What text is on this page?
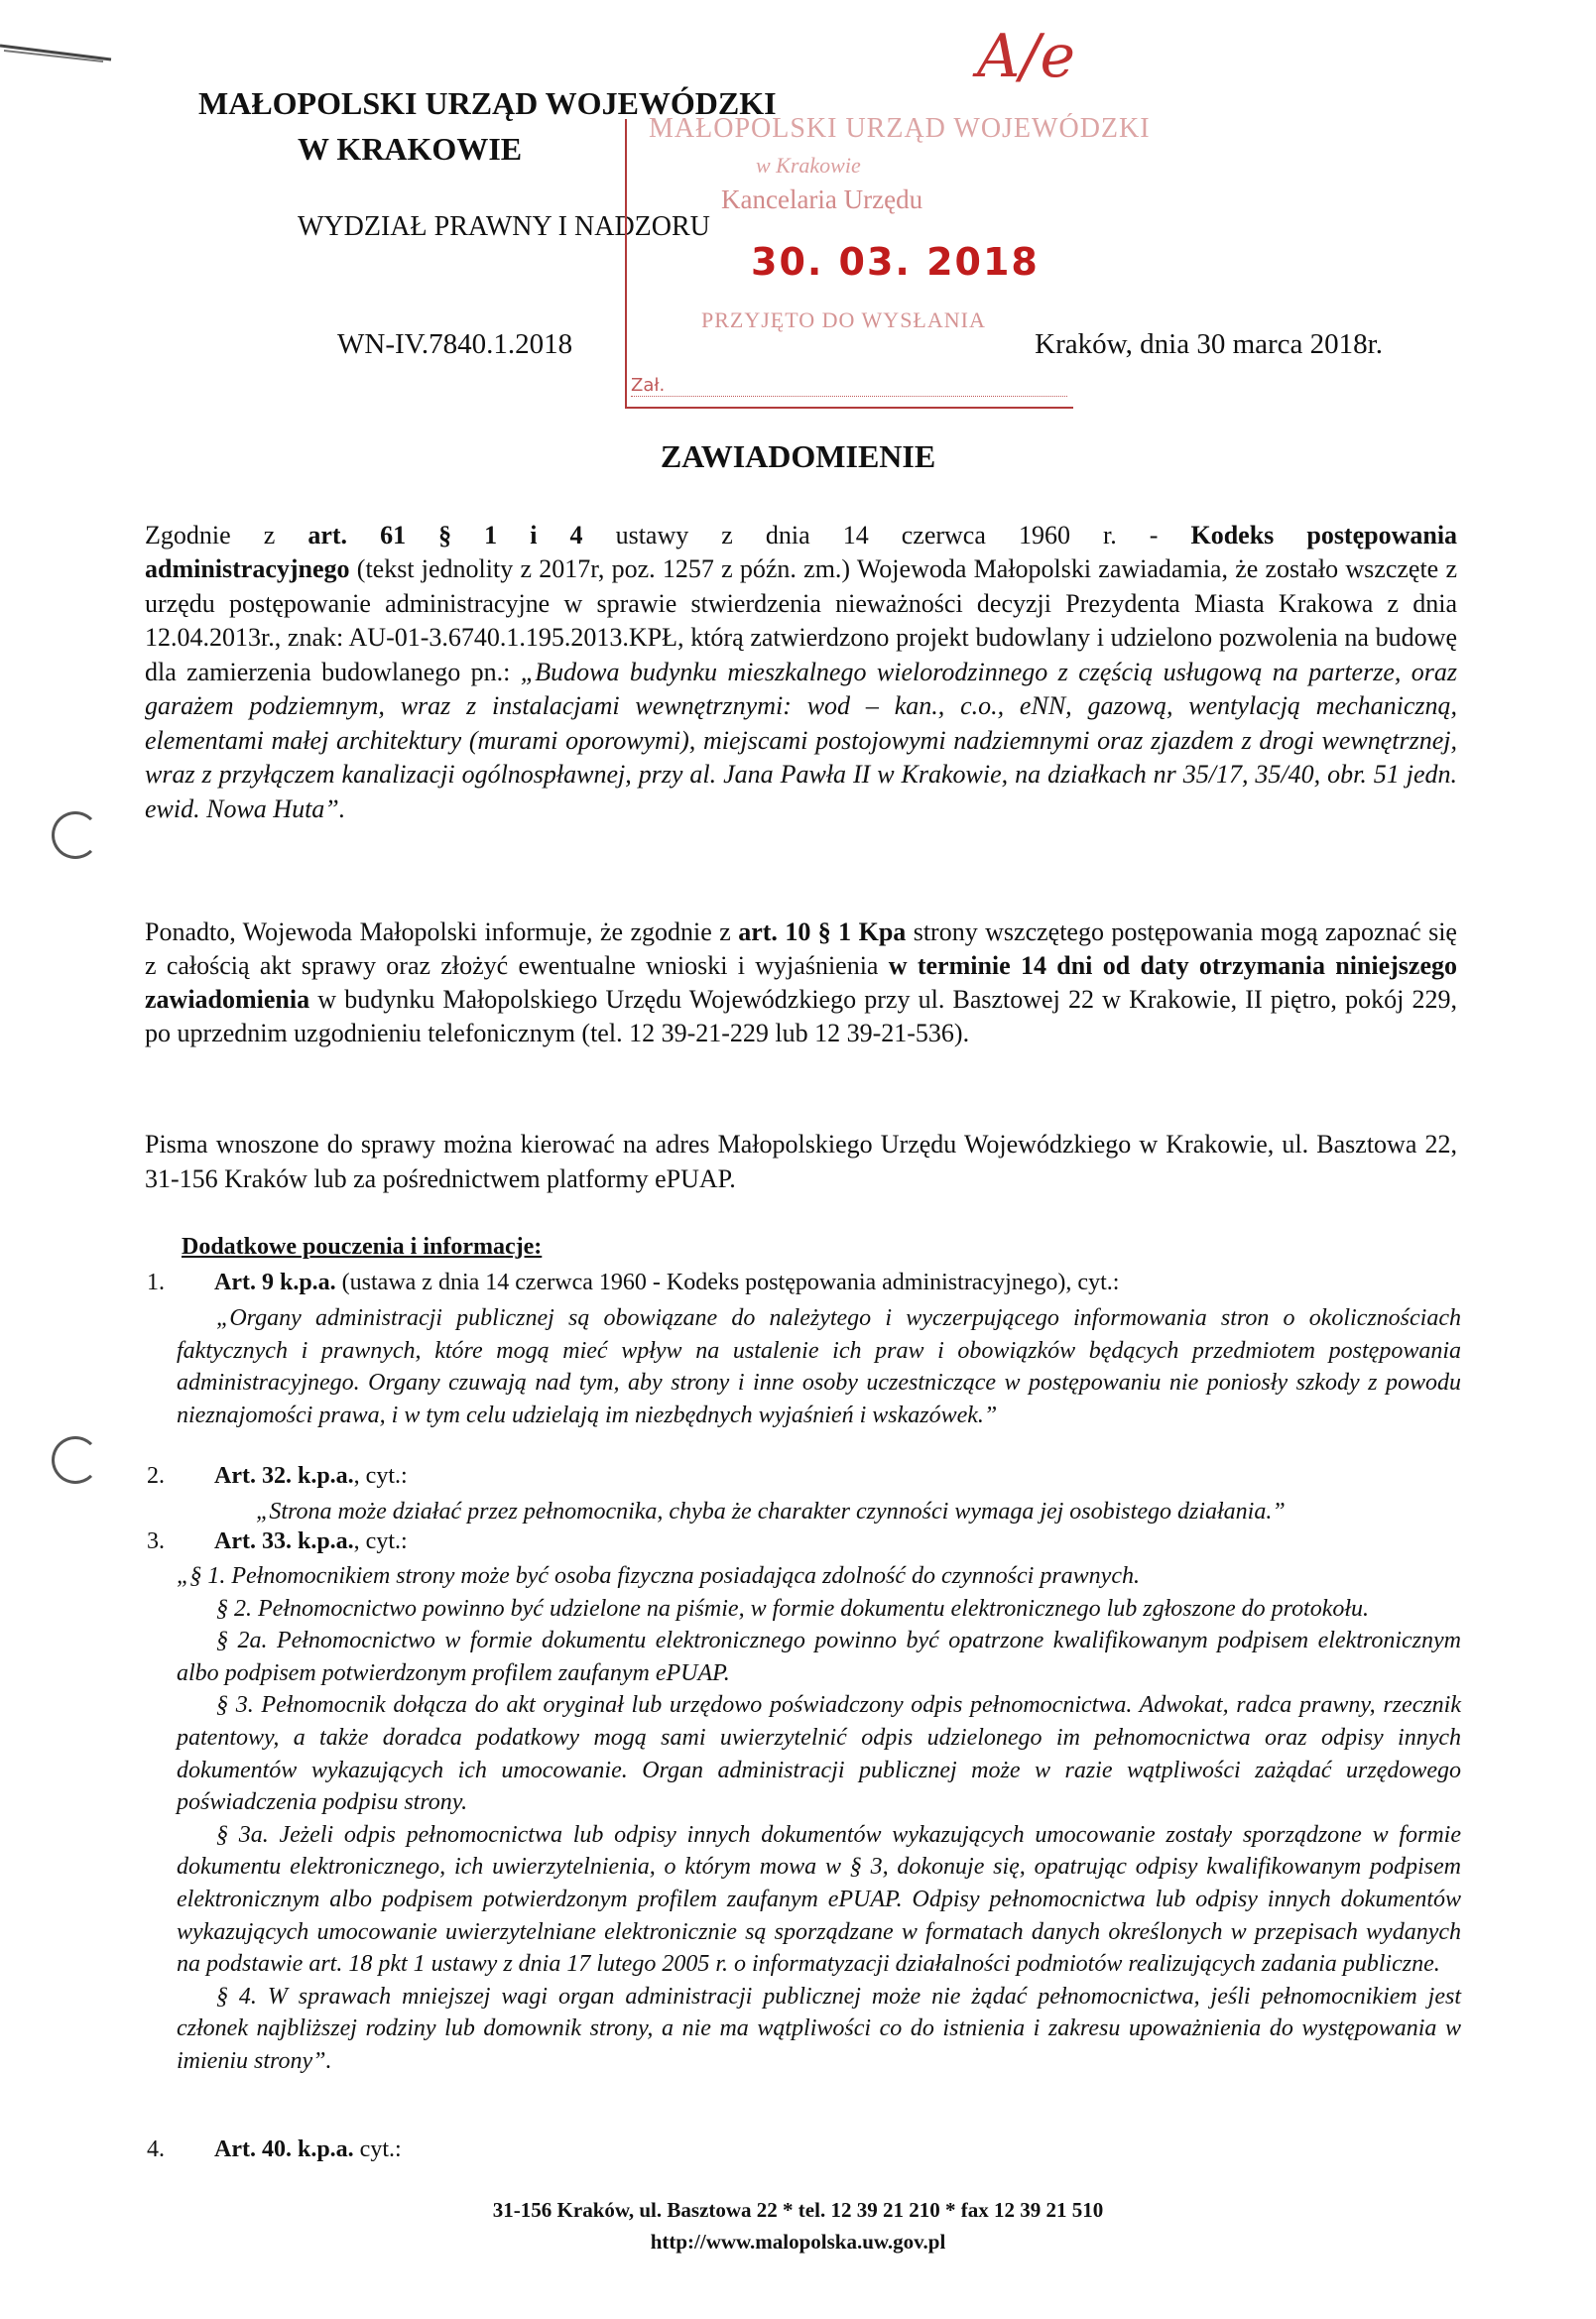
MAŁOPOLSKI URZĄD WOJEWÓDZKI
W KRAKOWIE
WYDZIAŁ PRAWNY I NADZORU
WN-IV.7840.1.2018	Kraków, dnia 30 marca 2018r.
A/e
MAŁOPOLSKI URZĄD WOJEWÓDZKI
w Krakowie
Kancelaria Urzędu
30. 03. 2018
PRZYJĘTO DO WYSŁANIA
Zał.
ZAWIADOMIENIE
Zgodnie z art. 61 § 1 i 4 ustawy z dnia 14 czerwca 1960 r. - Kodeks postępowania
administracyjnego (tekst jednolity z 2017r, poz. 1257 z późn. zm.) Wojewoda Małopolski zawiadamia, że zostało wszczęte z urzędu postępowanie administracyjne w sprawie stwierdzenia nieważności decyzji Prezydenta Miasta Krakowa z dnia 12.04.2013r., znak: AU-01-3.6740.1.195.2013.KPŁ, którą zatwierdzono projekt budowlany i udzielono pozwolenia na budowę dla zamierzenia budowlanego pn.: „Budowa budynku mieszkalnego wielorodzinnego z częścią usługową na parterze, oraz garażem podziemnym, wraz z instalacjami wewnętrznymi: wod – kan., c.o., eNN, gazową, wentylacją mechaniczną, elementami małej architektury (murami oporowymi), miejscami postojowymi nadziemnymi oraz zjazdem z drogi wewnętrznej, wraz z przyłączem kanalizacji ogólnospławnej, przy al. Jana Pawła II w Krakowie, na działkach nr 35/17, 35/40, obr. 51 jedn. ewid. Nowa Huta”.
Ponadto, Wojewoda Małopolski informuje, że zgodnie z art. 10 § 1 Kpa strony wszczętego postępowania mogą zapoznać się z całością akt sprawy oraz złożyć ewentualne wnioski i wyjaśnienia w terminie 14 dni od daty otrzymania niniejszego zawiadomienia w budynku Małopolskiego Urzędu Wojewódzkiego przy ul. Basztowej 22 w Krakowie, II piętro, pokój 229, po uprzednim uzgodnieniu telefonicznym (tel. 12 39-21-229 lub 12 39-21-536).
Pisma wnoszone do sprawy można kierować na adres Małopolskiego Urzędu Wojewódzkiego w Krakowie, ul. Basztowa 22, 31-156 Kraków lub za pośrednictwem platformy ePUAP.
Dodatkowe pouczenia i informacje:
1. Art. 9 k.p.a. (ustawa z dnia 14 czerwca 1960 - Kodeks postępowania administracyjnego), cyt.:
„Organy administracji publicznej są obowiązane do należytego i wyczerpującego informowania stron o okolicznościach faktycznych i prawnych, które mogą mieć wpływ na ustalenie ich praw i obowiązków będących przedmiotem postępowania administracyjnego. Organy czuwają nad tym, aby strony i inne osoby uczestniczące w postępowaniu nie poniosły szkody z powodu nieznajomości prawa, i w tym celu udzielają im niezbędnych wyjaśnień i wskazówek.”
2. Art. 32. k.p.a., cyt.:
„Strona może działać przez pełnomocnika, chyba że charakter czynności wymaga jej osobistego działania.”
3. Art. 33. k.p.a., cyt.:
„§ 1. Pełnomocnikiem strony może być osoba fizyczna posiadająca zdolność do czynności prawnych.
§ 2. Pełnomocnictwo powinno być udzielone na piśmie, w formie dokumentu elektronicznego lub zgłoszone do protokołu.
§ 2a. Pełnomocnictwo w formie dokumentu elektronicznego powinno być opatrzone kwalifikowanym podpisem elektronicznym albo podpisem potwierdzonym profilem zaufanym ePUAP.
§ 3. Pełnomocnik dołącza do akt oryginał lub urzędowo poświadczony odpis pełnomocnictwa. Adwokat, radca prawny, rzecznik patentowy, a także doradca podatkowy mogą sami uwierzytelnić odpis udzielonego im pełnomocnictwa oraz odpisy innych dokumentów wykazujących ich umocowanie. Organ administracji publicznej może w razie wątpliwości zażądać urzędowego poświadczenia podpisu strony.
§ 3a. Jeżeli odpis pełnomocnictwa lub odpisy innych dokumentów wykazujących umocowanie zostały sporządzone w formie dokumentu elektronicznego, ich uwierzytelnienia, o którym mowa w § 3, dokonuje się, opatrując odpisy kwalifikowanym podpisem elektronicznym albo podpisem potwierdzonym profilem zaufanym ePUAP. Odpisy pełnomocnictwa lub odpisy innych dokumentów wykazujących umocowanie uwierzytelniane elektronicznie są sporządzane w formatach danych określonych w przepisach wydanych na podstawie art. 18 pkt 1 ustawy z dnia 17 lutego 2005 r. o informatyzacji działalności podmiotów realizujących zadania publiczne.
§ 4. W sprawach mniejszej wagi organ administracji publicznej może nie żądać pełnomocnictwa, jeśli pełnomocnikiem jest członek najbliższej rodziny lub domownik strony, a nie ma wątpliwości co do istnienia i zakresu upoważnienia do występowania w imieniu strony”.
4. Art. 40. k.p.a. cyt.:
31-156 Kraków, ul. Basztowa 22 * tel. 12 39 21 210 * fax 12 39 21 510
http://www.malopolska.uw.gov.pl
